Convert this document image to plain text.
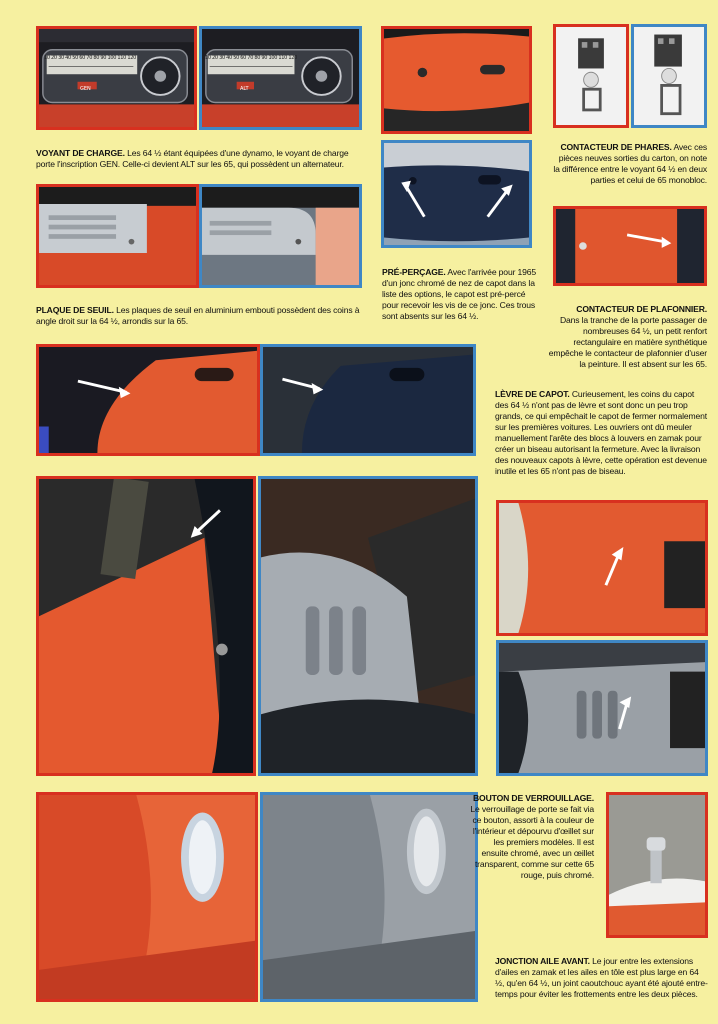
10 20 30 40 50 60 70 80 90 100 110 120
GEN
10 20 30 40 50 60 70 80 90 100 110 120
ALT
VOYANT DE CHARGE. Les 64 ½ étant équipées d'une dynamo, le voyant de charge porte l'inscription GEN. Celle-ci devient ALT sur les 65, qui possèdent un alternateur.
CONTACTEUR DE PHARES. Avec ces pièces neuves sorties du carton, on note la différence entre le voyant 64 ½ en deux parties et celui de 65 monobloc.
PRÉ-PERÇAGE. Avec l'arrivée pour 1965 d'un jonc chromé de nez de capot dans la liste des options, le capot est pré-percé pour recevoir les vis de ce jonc. Ces trous sont absents sur les 64 ½.
PLAQUE DE SEUIL. Les plaques de seuil en aluminium embouti possèdent des coins à angle droit sur la 64 ½, arrondis sur la 65.
CONTACTEUR DE PLAFONNIER.
Dans la tranche de la porte passager de nombreuses 64 ½, un petit renfort rectangulaire en matière synthétique empêche le contacteur de plafonnier d'user la peinture. Il est absent sur les 65.
LÈVRE DE CAPOT. Curieusement, les coins du capot des 64 ½ n'ont pas de lèvre et sont donc un peu trop grands, ce qui empêchait le capot de fermer normalement sur les premières voitures. Les ouvriers ont dû meuler manuellement l'arête des blocs à louvers en zamak pour créer un biseau autorisant la fermeture. Avec la livraison des nouveaux capots à lèvre, cette opération est devenue inutile et les 65 n'ont pas de biseau.
BOUTON DE VERROUILLAGE.
Le verrouillage de porte se fait via ce bouton, assorti à la couleur de l'intérieur et dépourvu d'œillet sur les premiers modèles. Il est ensuite chromé, avec un œillet transparent, comme sur cette 65 rouge, puis chromé.
JONCTION AILE AVANT. Le jour entre les extensions d'ailes en zamak et les ailes en tôle est plus large en 64 ½, qu'en 64 ½, un joint caoutchouc ayant été ajouté entre-temps pour éviter les frottements entre les deux pièces.
